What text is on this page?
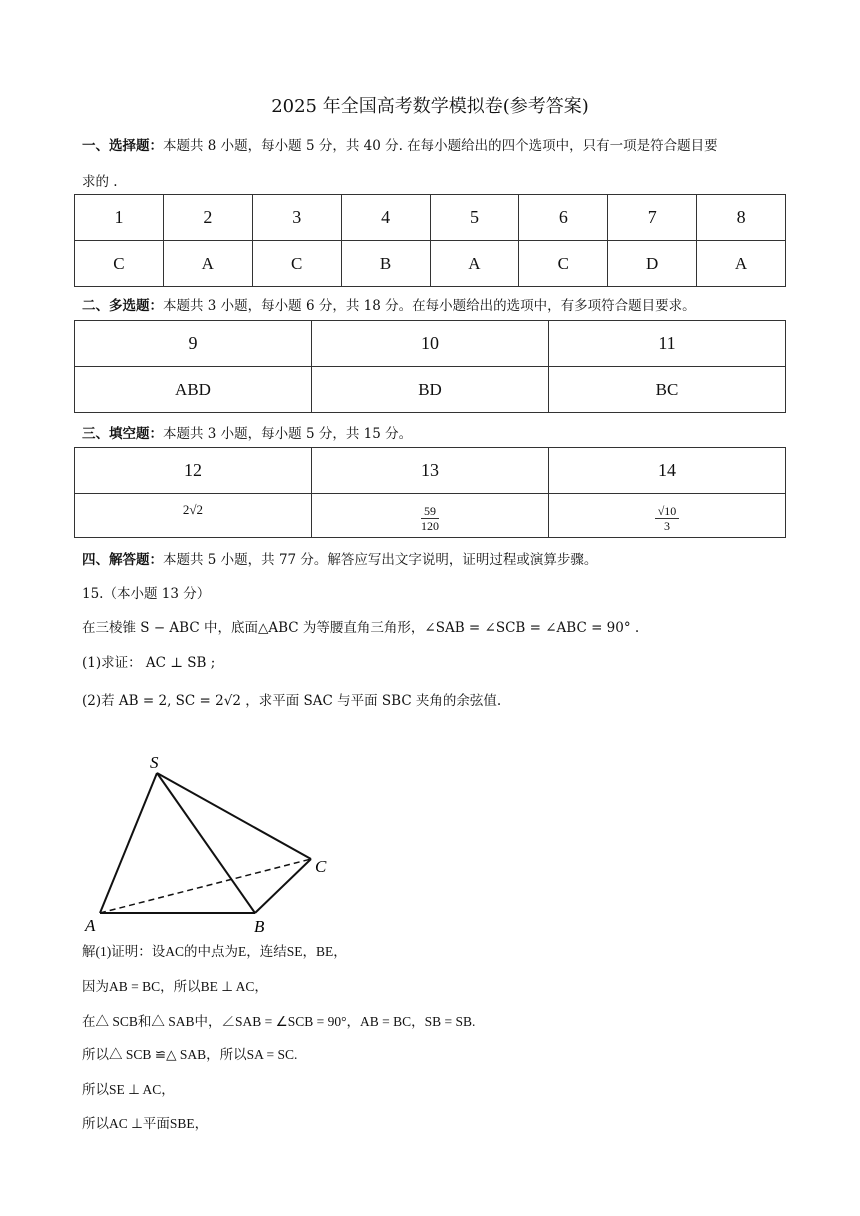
2025 年全国高考数学模拟卷(参考答案)
一、选择题：本题共 8 小题，每小题 5 分，共 40 分. 在每小题给出的四个选项中，只有一项是符合题目要
求的 .
1	2	3	4	5	6	7	8
C	A	C	B	A	C	D	A
二、多选题：本题共 3 小题，每小题 6 分，共 18 分。在每小题给出的选项中，有多项符合题目要求。
9	10	11
ABD	BD	BC
三、填空题：本题共 3 小题，每小题 5 分，共 15 分。
12	13	14
2√2	$\frac{59}{120}$	$\frac{√10}{3}$
四、解答题：本题共 5 小题，共 77 分。解答应写出文字说明，证明过程或演算步骤。
15.（本小题 13 分）
在三棱锥 S − ABC 中，底面△ABC 为等腰直角三角形，∠SAB = ∠SCB = ∠ABC = 90° .
(1)求证： AC ⊥ SB ;
(2)若 AB = 2, SC = 2√2 ，求平面 SAC 与平面 SBC 夹角的余弦值.
S
A	B
C
解(1)证明：设AC的中点为E，连结SE，BE，
因为AB = BC，所以BE ⊥ AC，
在△ SCB和△ SAB中，∠SAB = ∠SCB = 90°，AB = BC，SB = SB.
所以△ SCB ≌△ SAB，所以SA = SC.
所以SE ⊥ AC，
所以AC ⊥平面SBE，
